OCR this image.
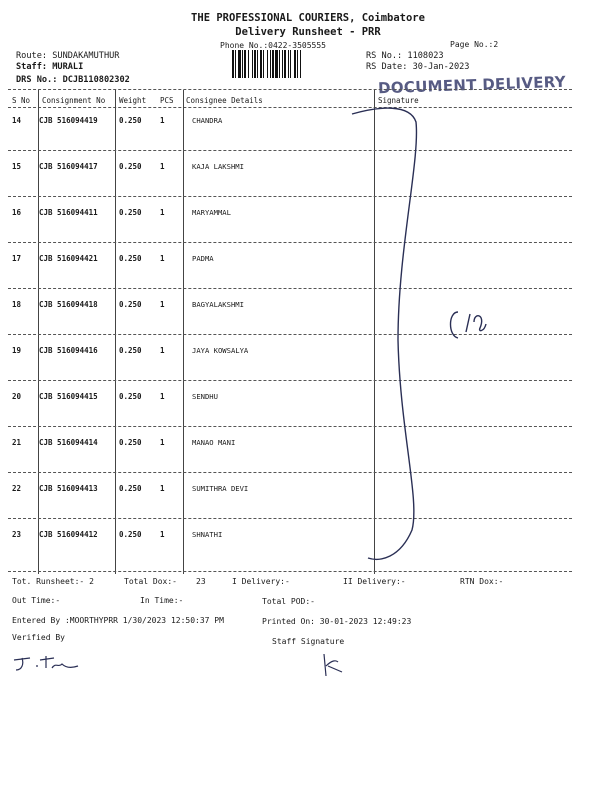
THE PROFESSIONAL COURIERS, Coimbatore
Delivery Runsheet - PRR
Phone No.:0422-3505555	Page No.:2
Route: SUNDAKAMUTHUR
Staff: MURALI
DRS No.: DCJB110802302
RS No.: 1108023
RS Date: 30-Jan-2023
DOCUMENT DELIVERY
S No Consignment No Weight PCS Consignee Details	Signature
14 CJB 516094419	0.250 1	CHANDRA
15 CJB 516094417	0.250 1	KAJA LAKSHMI
16 CJB 516094411	0.250 1	MARYAMMAL
17 CJB 516094421	0.250 1	PADMA
18 CJB 516094418	0.250 1	BAGYALAKSHMI
19 CJB 516094416	0.250 1	JAYA KOWSALYA
20 CJB 516094415	0.250 1	SENDHU
21 CJB 516094414	0.250 1	MANAO MANI
22 CJB 516094413	0.250 1	SUMITHRA DEVI
23 CJB 516094412	0.250 1	SHNATHI
Tot. Runsheet:- 2	Total Dox:- 23	I Delivery:-	II Delivery:-	RTN Dox:-
Out Time:-	In Time:-	Total POD:-
Entered By :MOORTHYPRR 1/30/2023 12:50:37 PM	Printed On: 30-01-2023 12:49:23
Verified By	Staff Signature
